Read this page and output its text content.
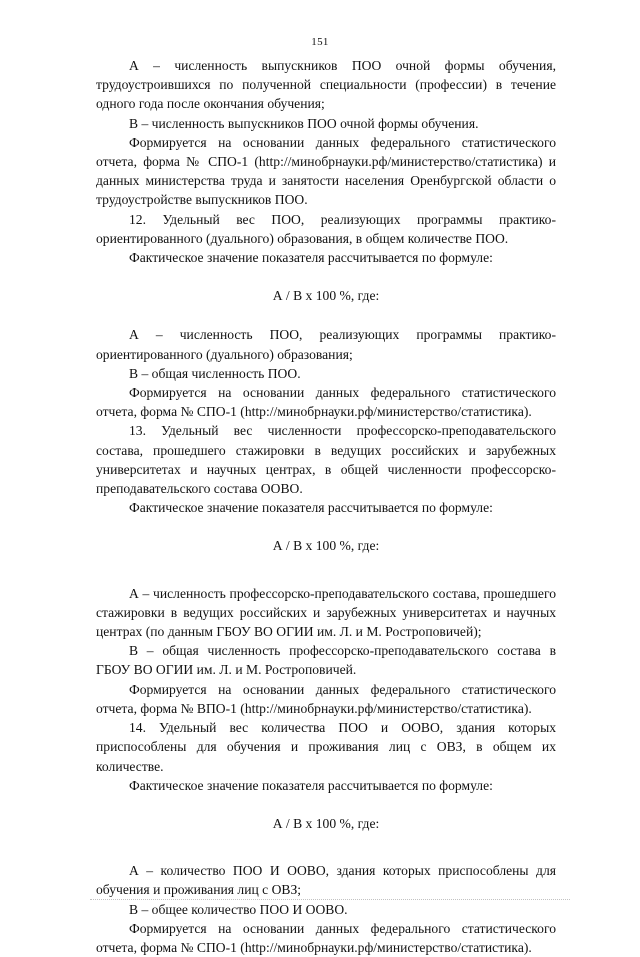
151

А – численность выпускников ПОО очной формы обучения, трудоустроившихся по полученной специальности (профессии) в течение одного года после окончания обучения;

В – численность выпускников ПОО очной формы обучения.

Формируется на основании данных федерального статистического отчета, форма № СПО-1 (http://минобрнауки.рф/министерство/статистика) и данных министерства труда и занятости населения Оренбургской области о трудоустройстве выпускников ПОО.

12. Удельный вес ПОО, реализующих программы практико-ориентированного (дуального) образования, в общем количестве ПОО.

Фактическое значение показателя рассчитывается по формуле:

А / В х 100 %, где:

А – численность ПОО, реализующих программы практико-ориентированного (дуального) образования;

В – общая численность ПОО.

Формируется на основании данных федерального статистического отчета, форма № СПО-1 (http://минобрнауки.рф/министерство/статистика).

13. Удельный вес численности профессорско-преподавательского состава, прошедшего стажировки в ведущих российских и зарубежных университетах и научных центрах, в общей численности профессорско-преподавательского состава ООВО.

Фактическое значение показателя рассчитывается по формуле:

А / В х 100 %, где:

А – численность профессорско-преподавательского состава, прошедшего стажировки в ведущих российских и зарубежных университетах и научных центрах (по данным ГБОУ ВО ОГИИ им. Л. и М. Ростроповичей);

В – общая численность профессорско-преподавательского состава в ГБОУ ВО ОГИИ им. Л. и М. Ростроповичей.

Формируется на основании данных федерального статистического отчета, форма № ВПО-1 (http://минобрнауки.рф/министерство/статистика).

14. Удельный вес количества ПОО и ООВО, здания которых приспособлены для обучения и проживания лиц с ОВЗ, в общем их количестве.

Фактическое значение показателя рассчитывается по формуле:

А / В х 100 %, где:

А – количество ПОО И ООВО, здания которых приспособлены для обучения и проживания лиц с ОВЗ;

В – общее количество ПОО И ООВО.

Формируется на основании данных федерального статистического отчета, форма № СПО-1 (http://минобрнауки.рф/министерство/статистика).
